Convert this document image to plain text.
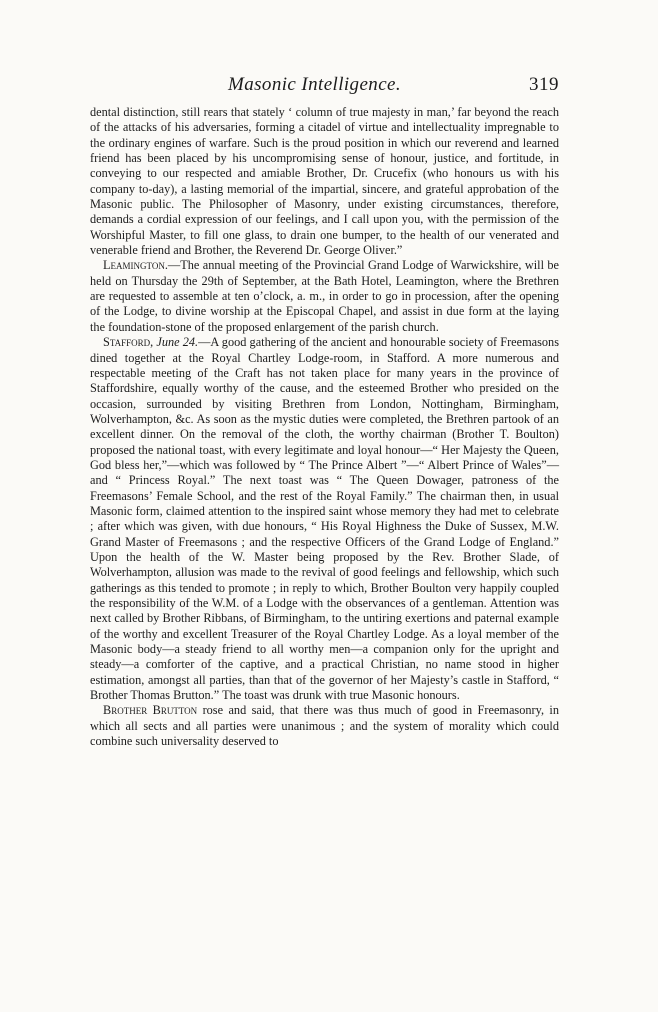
Masonic Intelligence.	319

dental distinction, still rears that stately ‘ column of true majesty in man,’ far beyond the reach of the attacks of his adversaries, forming a citadel of virtue and intellectuality impregnable to the ordinary engines of warfare. Such is the proud position in which our reverend and learned friend has been placed by his uncompromising sense of honour, justice, and fortitude, in conveying to our respected and amiable Brother, Dr. Crucefix (who honours us with his company to-day), a lasting memorial of the impartial, sincere, and grateful approbation of the Masonic public. The Philosopher of Masonry, under existing circumstances, therefore, demands a cordial expression of our feelings, and I call upon you, with the permission of the Worshipful Master, to fill one glass, to drain one bumper, to the health of our venerated and venerable friend and Brother, the Reverend Dr. George Oliver.”

Leamington.—The annual meeting of the Provincial Grand Lodge of Warwickshire, will be held on Thursday the 29th of September, at the Bath Hotel, Leamington, where the Brethren are requested to assemble at ten o’clock, a. m., in order to go in procession, after the opening of the Lodge, to divine worship at the Episcopal Chapel, and assist in due form at the laying the foundation-stone of the proposed enlargement of the parish church.

Stafford, June 24.—A good gathering of the ancient and honourable society of Freemasons dined together at the Royal Chartley Lodge-room, in Stafford. A more numerous and respectable meeting of the Craft has not taken place for many years in the province of Staffordshire, equally worthy of the cause, and the esteemed Brother who presided on the occasion, surrounded by visiting Brethren from London, Nottingham, Birmingham, Wolverhampton, &c. As soon as the mystic duties were completed, the Brethren partook of an excellent dinner. On the removal of the cloth, the worthy chairman (Brother T. Boulton) proposed the national toast, with every legitimate and loyal honour—“ Her Majesty the Queen, God bless her,”—which was followed by “ The Prince Albert ”—“ Albert Prince of Wales”—and “ Princess Royal.” The next toast was “ The Queen Dowager, patroness of the Freemasons’ Female School, and the rest of the Royal Family.” The chairman then, in usual Masonic form, claimed attention to the inspired saint whose memory they had met to celebrate ; after which was given, with due honours, “ His Royal Highness the Duke of Sussex, M.W. Grand Master of Freemasons ; and the respective Officers of the Grand Lodge of England.” Upon the health of the W. Master being proposed by the Rev. Brother Slade, of Wolverhampton, allusion was made to the revival of good feelings and fellowship, which such gatherings as this tended to promote ; in reply to which, Brother Boulton very happily coupled the responsibility of the W.M. of a Lodge with the observances of a gentleman. Attention was next called by Brother Ribbans, of Birmingham, to the untiring exertions and paternal example of the worthy and excellent Treasurer of the Royal Chartley Lodge. As a loyal member of the Masonic body—a steady friend to all worthy men—a companion only for the upright and steady—a comforter of the captive, and a practical Christian, no name stood in higher estimation, amongst all parties, than that of the governor of her Majesty’s castle in Stafford, “ Brother Thomas Brutton.” The toast was drunk with true Masonic honours.

Brother Brutton rose and said, that there was thus much of good in Freemasonry, in which all sects and all parties were unanimous ; and the system of morality which could combine such universality deserved to
